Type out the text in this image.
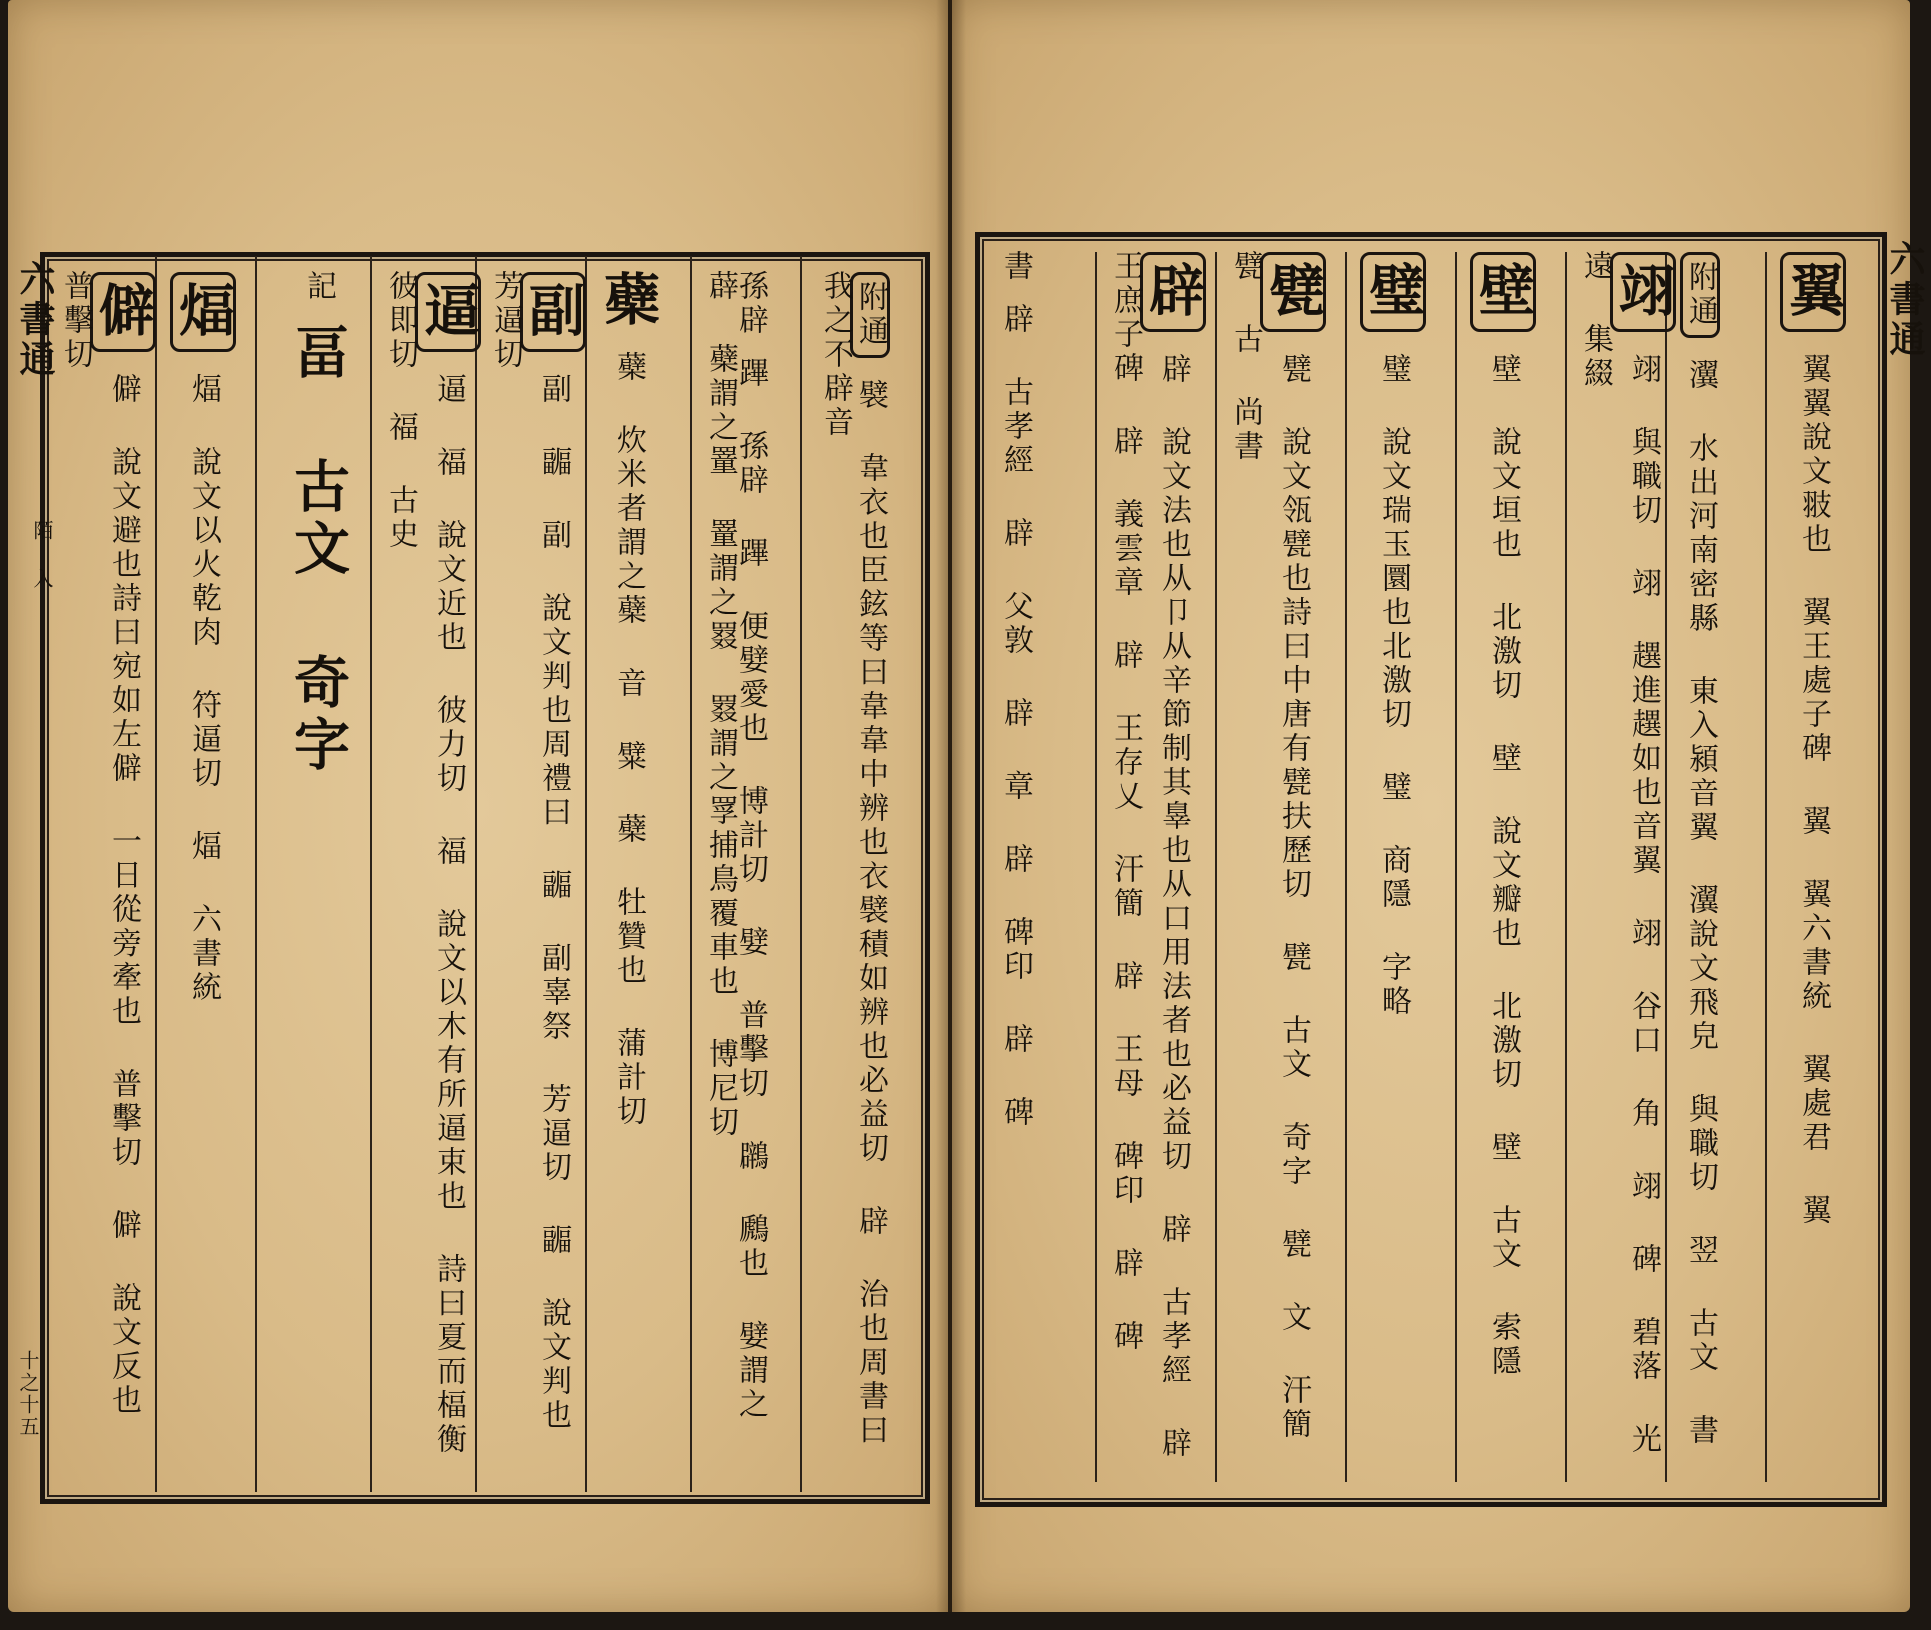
六書通
翼 翼翼說文翄也 翼王處子碑 翼 翼六書統 翼處君 翼
附通 瀷 水出河南密縣 東入潁音翼 瀷說文飛皃 與職切 翌 古文 書
翊 翊 與職切 翊 趩進趩如也音翼 翊 谷口 角 翊 碑 碧落 光遠 集綴
壁 壁 說文垣也 北激切 壁 說文瓣也 北激切 壁 古文 索隱
璧 璧 說文瑞玉圜也北激切 璧 商隱 字略
甓 甓 說文瓴甓也詩曰中唐有甓扶歷切 甓 古文 奇字 甓 文 汗簡 甓 古 尚書
辟 辟 說文法也从卩从辛節制其辠也从口用法者也必益切 辟 古孝經 辟 王庶子碑 辟 義雲章 辟 王存乂 汗簡 辟 王母 碑印 辟 碑
書 辟 古孝經 辟 父敦 辟 章 辟 碑印 辟 碑
六書通
陌 入
十之十五
附通 襞 韋衣也臣鉉等曰韋韋中辨也衣襞積如辨也必益切 辟 治也周書曰我之不辟音
孫辟 蹕 孫辟 蹕 便嬖愛也 博計切 嬖 普擊切 鸊 鷉也 嬖謂之 薜 蘗謂之罿 罿謂之罬 罬謂之罦捕鳥覆車也 博尼切
蘗 蘗 炊米者謂之蘗 音 糪 蘗 牡贊也 蒲計切
副 副 疈 副 說文判也周禮曰 疈 副辜祭 芳逼切 疈 說文判也 芳逼切
逼 逼 福 說文近也 彼力切 福 說文以木有所逼束也 詩曰夏而楅衡 彼即切 福 古史
記 畐 古文 奇字
煏 煏 說文以火乾肉 符逼切 煏 六書統
僻 僻 說文避也詩曰宛如左僻 一日從旁牽也 普擊切 僻 說文反也 普擊切
